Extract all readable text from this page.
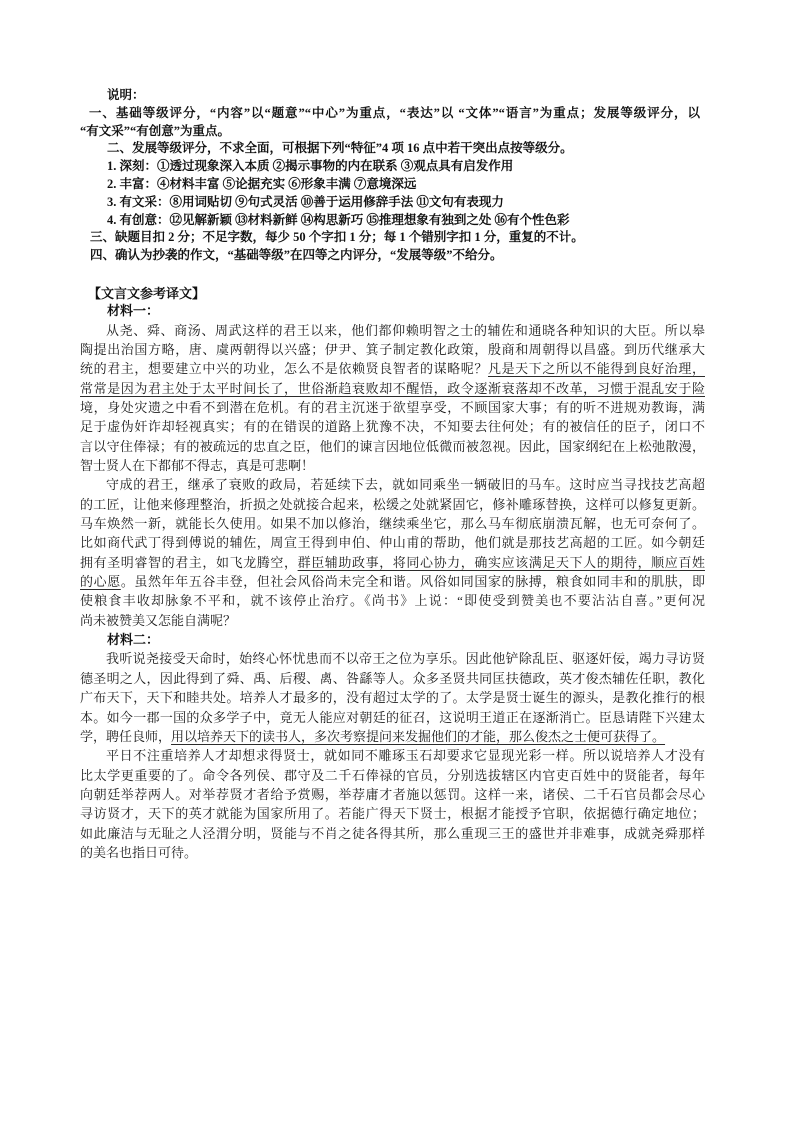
说明：
一、基础等级评分，“内容”以“题意”“中心”为重点，“表达”以 “文体”“语言”为重点；发展等级评分，以
“有文采”“有创意”为重点。
二、发展等级评分，不求全面，可根据下列“特征”4 项 16 点中若干突出点按等级分。
1. 深刻：①透过现象深入本质 ②揭示事物的内在联系 ③观点具有启发作用
2. 丰富：④材料丰富 ⑤论据充实 ⑥形象丰满 ⑦意境深远
3. 有文采：⑧用词贴切 ⑨句式灵活 ⑩善于运用修辞手法 ⑪文句有表现力
4. 有创意：⑫见解新颖 ⑬材料新鲜 ⑭构思新巧 ⑮推理想象有独到之处 ⑯有个性色彩
三、缺题目扣 2 分；不足字数，每少 50 个字扣 1 分；每 1 个错别字扣 1 分，重复的不计。
四、确认为抄袭的作文，“基础等级”在四等之内评分，“发展等级”不给分。
【文言文参考译文】
材料一：
从尧、舜、商汤、周武这样的君王以来，他们都仰赖明智之士的辅佐和通晓各种知识的大臣。所以皋
陶提出治国方略，唐、虞两朝得以兴盛；伊尹、箕子制定教化政策，殷商和周朝得以昌盛。到历代继承大
统的君主，想要建立中兴的功业，怎么不是依赖贤良智者的谋略呢？凡是天下之所以不能得到良好治理，
常常是因为君主处于太平时间长了，世俗渐趋衰败却不醒悟，政令逐渐衰落却不改革，习惯于混乱安于险
境，身处灾遗之中看不到潜在危机。有的君主沉迷于欲望享受，不顾国家大事；有的听不进规劝教诲，满
足于虚伪奸诈却轻视真实；有的在错误的道路上犹豫不决，不知要去往何处；有的被信任的臣子，闭口不
言以守住俸禄；有的被疏远的忠直之臣，他们的谏言因地位低微而被忽视。因此，国家纲纪在上松弛散漫，
智士贤人在下都郁不得志，真是可悲啊！
守成的君王，继承了衰败的政局，若延续下去，就如同乘坐一辆破旧的马车。这时应当寻找技艺高超
的工匠，让他来修理整治，折损之处就接合起来，松缓之处就紧固它，修补雕琢替换，这样可以修复更新。
马车焕然一新，就能长久使用。如果不加以修治，继续乘坐它，那么马车彻底崩溃瓦解，也无可奈何了。
比如商代武丁得到傅说的辅佐，周宣王得到申伯、仲山甫的帮助，他们就是那技艺高超的工匠。如今朝廷
拥有圣明睿智的君主，如飞龙腾空，群臣辅助政事，将同心协力，确实应该满足天下人的期待，顺应百姓
的心愿。虽然年年五谷丰登，但社会风俗尚未完全和谐。风俗如同国家的脉搏，粮食如同丰和的肌肤，即
使粮食丰收却脉象不平和，就不该停止治疗。《尚书》上说：“即使受到赞美也不要沾沾自喜。”更何况
尚未被赞美又怎能自满呢？
材料二：
我听说尧接受天命时，始终心怀忧患而不以帝王之位为享乐。因此他铲除乱臣、驱逐奸佞，竭力寻访贤
德圣明之人，因此得到了舜、禹、后稷、禼、咎繇等人。众多圣贤共同匡扶德政，英才俊杰辅佐任职，教化
广布天下，天下和睦共处。培养人才最多的，没有超过太学的了。太学是贤士诞生的源头，是教化推行的根
本。如今一郡一国的众多学子中，竟无人能应对朝廷的征召，这说明王道正在逐渐消亡。臣恳请陛下兴建太
学，聘任良师，用以培养天下的读书人，多次考察提问来发掘他们的才能，那么俊杰之士便可获得了。
平日不注重培养人才却想求得贤士，就如同不雕琢玉石却要求它显现光彩一样。所以说培养人才没有
比太学更重要的了。命令各列侯、郡守及二千石俸禄的官员，分别选拔辖区内官吏百姓中的贤能者，每年
向朝廷举荐两人。对举荐贤才者给予赏赐，举荐庸才者施以惩罚。这样一来，诸侯、二千石官员都会尽心
寻访贤才，天下的英才就能为国家所用了。若能广得天下贤士，根据才能授予官职，依据德行确定地位；
如此廉洁与无耻之人泾渭分明，贤能与不肖之徒各得其所，那么重现三王的盛世并非难事，成就尧舜那样
的美名也指日可待。
